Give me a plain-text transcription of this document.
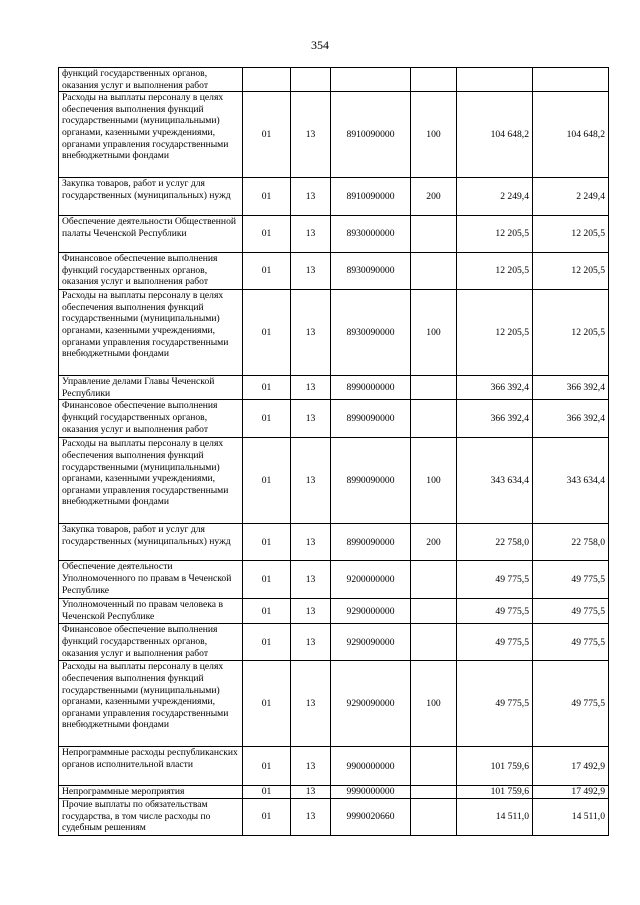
354
функций государственных органов, оказания услуг и выполнения работ						
Расходы на выплаты персоналу в целях обеспечения выполнения функций государственными (муниципальными) органами, казенными учреждениями, органами управления государственными внебюджетными фондами	01	13	8910090000	100	104 648,2	104 648,2
Закупка товаров, работ и услуг для государственных (муниципальных) нужд	01	13	8910090000	200	2 249,4	2 249,4
Обеспечение деятельности Общественной палаты Чеченской Республики	01	13	8930000000		12 205,5	12 205,5
Финансовое обеспечение выполнения функций государственных органов, оказания услуг и выполнения работ	01	13	8930090000		12 205,5	12 205,5
Расходы на выплаты персоналу в целях обеспечения выполнения функций государственными (муниципальными) органами, казенными учреждениями, органами управления государственными внебюджетными фондами	01	13	8930090000	100	12 205,5	12 205,5
Управление делами Главы Чеченской Республики	01	13	8990000000		366 392,4	366 392,4
Финансовое обеспечение выполнения функций государственных органов, оказания услуг и выполнения работ	01	13	8990090000		366 392,4	366 392,4
Расходы на выплаты персоналу в целях обеспечения выполнения функций государственными (муниципальными) органами, казенными учреждениями, органами управления государственными внебюджетными фондами	01	13	8990090000	100	343 634,4	343 634,4
Закупка товаров, работ и услуг для государственных (муниципальных) нужд	01	13	8990090000	200	22 758,0	22 758,0
Обеспечение деятельности Уполномоченного по правам в Чеченской Республике	01	13	9200000000		49 775,5	49 775,5
Уполномоченный по правам человека в Чеченской Республике	01	13	9290000000		49 775,5	49 775,5
Финансовое обеспечение выполнения функций государственных органов, оказания услуг и выполнения работ	01	13	9290090000		49 775,5	49 775,5
Расходы на выплаты персоналу в целях обеспечения выполнения функций государственными (муниципальными) органами, казенными учреждениями, органами управления государственными внебюджетными фондами	01	13	9290090000	100	49 775,5	49 775,5
Непрограммные расходы республиканских органов исполнительной власти	01	13	9900000000		101 759,6	17 492,9
Непрограммные мероприятия	01	13	9990000000		101 759,6	17 492,9
Прочие выплаты по обязательствам государства, в том числе расходы по судебным решениям	01	13	9990020660		14 511,0	14 511,0
